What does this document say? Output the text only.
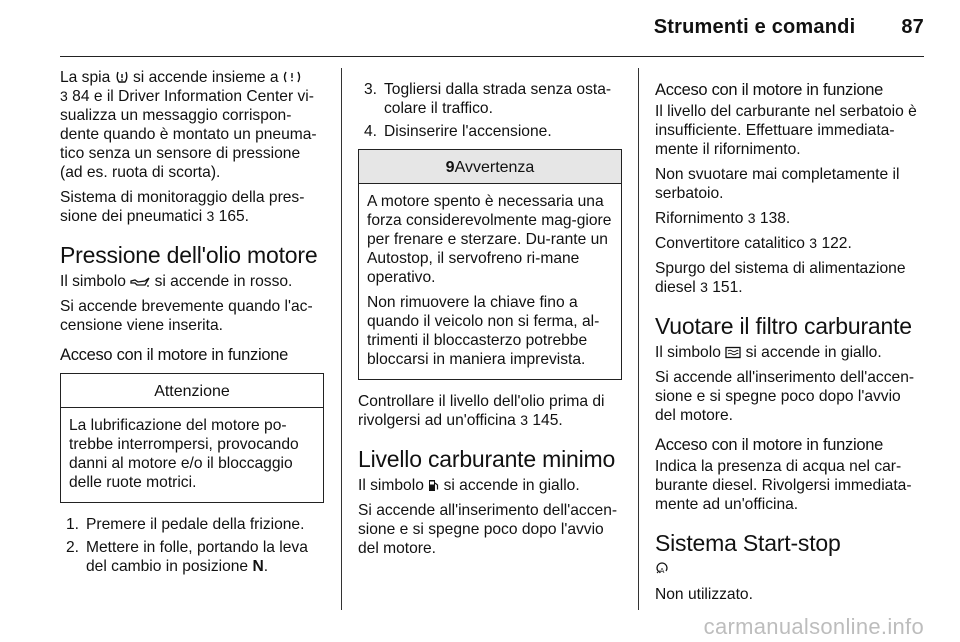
Strumenti e comandi 87

La spia si accende insieme a

3 84 e il Driver Information Center vi-sualizza un messaggio corrispon-dente quando è montato un pneuma-tico senza un sensore di pressione (ad es. ruota di scorta).

Sistema di monitoraggio della pres-sione dei pneumatici 3 165.

Pressione dell'olio motore

Il simbolo si accende in rosso.

Si accende brevemente quando l'ac-censione viene inserita.

Acceso con il motore in funzione
Attenzione

La lubrificazione del motore po-trebbe interrompersi, provocando danni al motore e/o il bloccaggio delle ruote motrici.

1. Premere il pedale della frizione.
2. Mettere in folle, portando la leva del cambio in posizione N.
3. Togliersi dalla strada senza osta-colare il traffico.
4. Disinserire l'accensione.
9Avvertenza

A motore spento è necessaria una forza considerevolmente mag-giore per frenare e sterzare. Du-rante un Autostop, il servofreno ri-mane operativo.

Non rimuovere la chiave fino a quando il veicolo non si ferma, al-trimenti il bloccasterzo potrebbe bloccarsi in maniera imprevista.

Controllare il livello dell'olio prima di rivolgersi ad un'officina 3 145.

Livello carburante minimo

Il simbolo si accende in giallo.

Si accende all'inserimento dell'accen-sione e si spegne poco dopo l'avvio del motore.

Acceso con il motore in funzione

Il livello del carburante nel serbatoio è insufficiente. Effettuare immediata-mente il rifornimento.

Non svuotare mai completamente il serbatoio.

Rifornimento 3 138.

Convertitore catalitico 3 122.

Spurgo del sistema di alimentazione diesel 3 151.

Vuotare il filtro carburante

Il simbolo si accende in giallo.

Si accende all'inserimento dell'accen-sione e si spegne poco dopo l'avvio del motore.

Acceso con il motore in funzione

Indica la presenza di acqua nel car-burante diesel. Rivolgersi immediata-mente ad un'officina.

Sistema Start-stop

A

Non utilizzato.

carmanualsonline.info
